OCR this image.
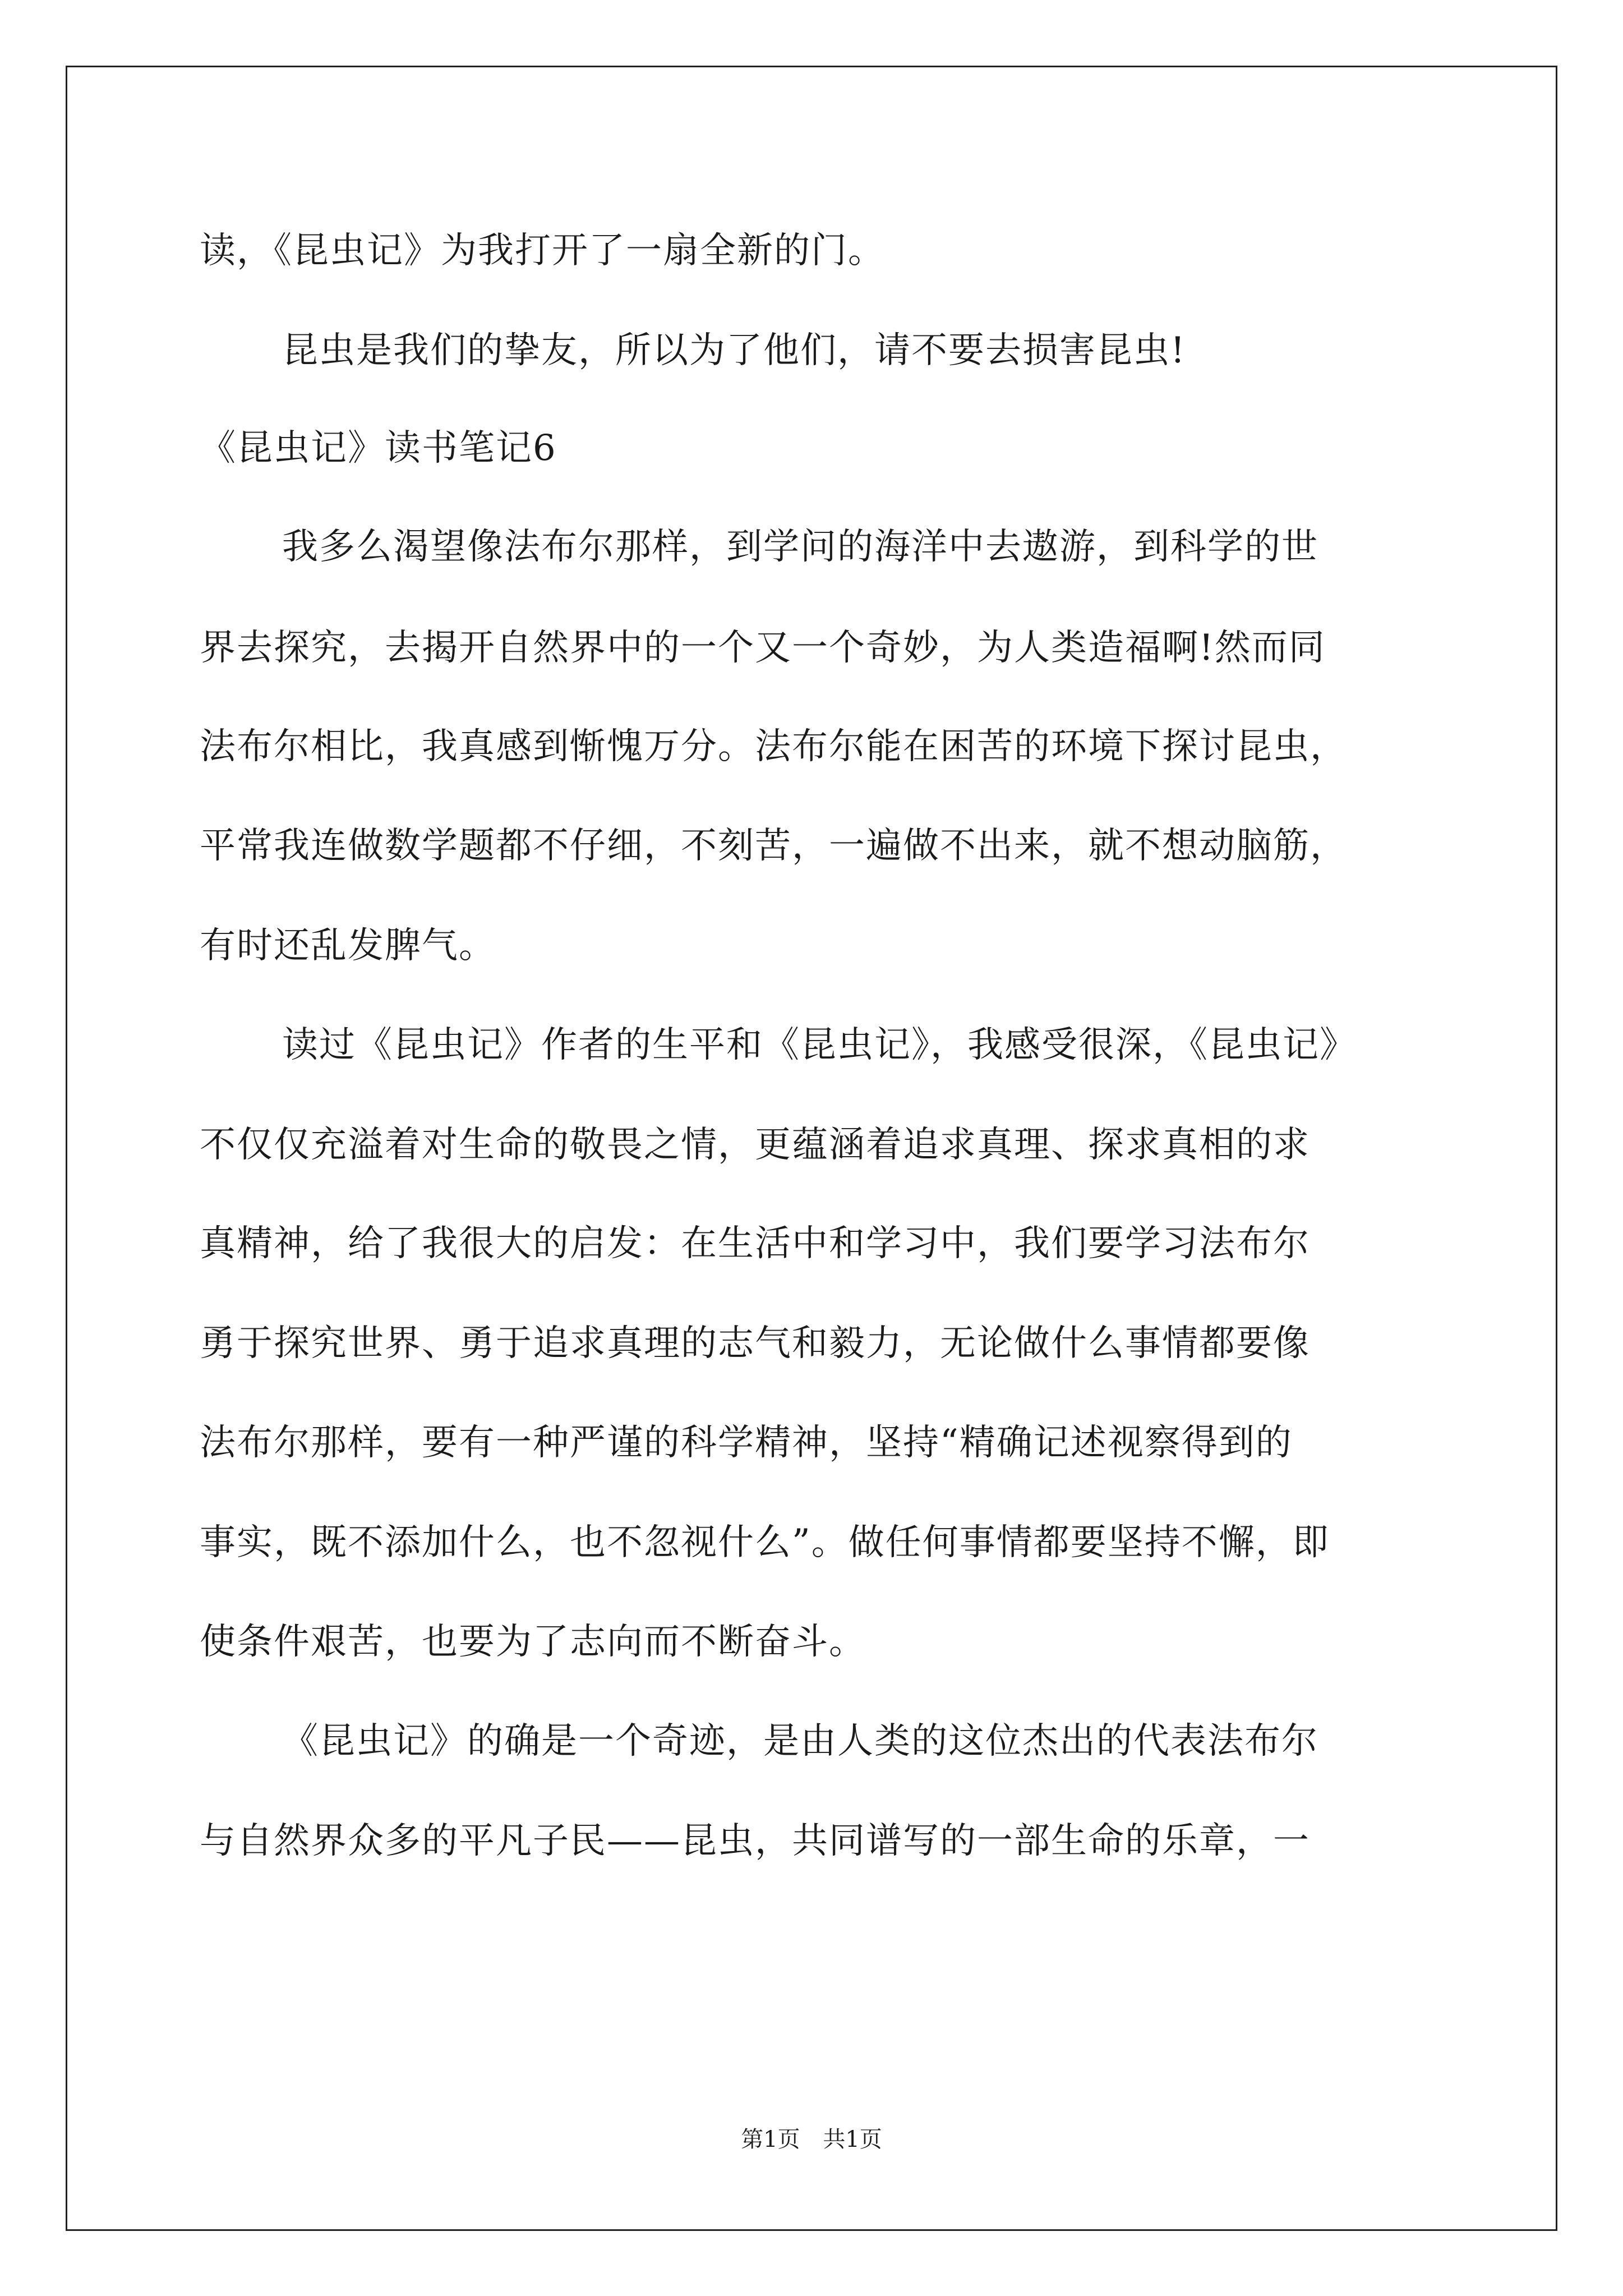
读，《昆虫记》为我打开了一扇全新的门。
昆虫是我们的挚友，所以为了他们，请不要去损害昆虫!
《昆虫记》读书笔记6
我多么渴望像法布尔那样，到学问的海洋中去遨游，到科学的世
界去探究，去揭开自然界中的一个又一个奇妙，为人类造福啊!然而同
法布尔相比，我真感到惭愧万分。法布尔能在困苦的环境下探讨昆虫，
平常我连做数学题都不仔细，不刻苦，一遍做不出来，就不想动脑筋，
有时还乱发脾气。
读过《昆虫记》作者的生平和《昆虫记》，我感受很深，《昆虫记》
不仅仅充溢着对生命的敬畏之情，更蕴涵着追求真理、探求真相的求
真精神，给了我很大的启发：在生活中和学习中，我们要学习法布尔
勇于探究世界、勇于追求真理的志气和毅力，无论做什么事情都要像
法布尔那样，要有一种严谨的科学精神，坚持“精确记述视察得到的
事实，既不添加什么，也不忽视什么”。做任何事情都要坚持不懈，即
使条件艰苦，也要为了志向而不断奋斗。
《昆虫记》的确是一个奇迹，是由人类的这位杰出的代表法布尔
与自然界众多的平凡子民——昆虫，共同谱写的一部生命的乐章，一
第1页 共1页
